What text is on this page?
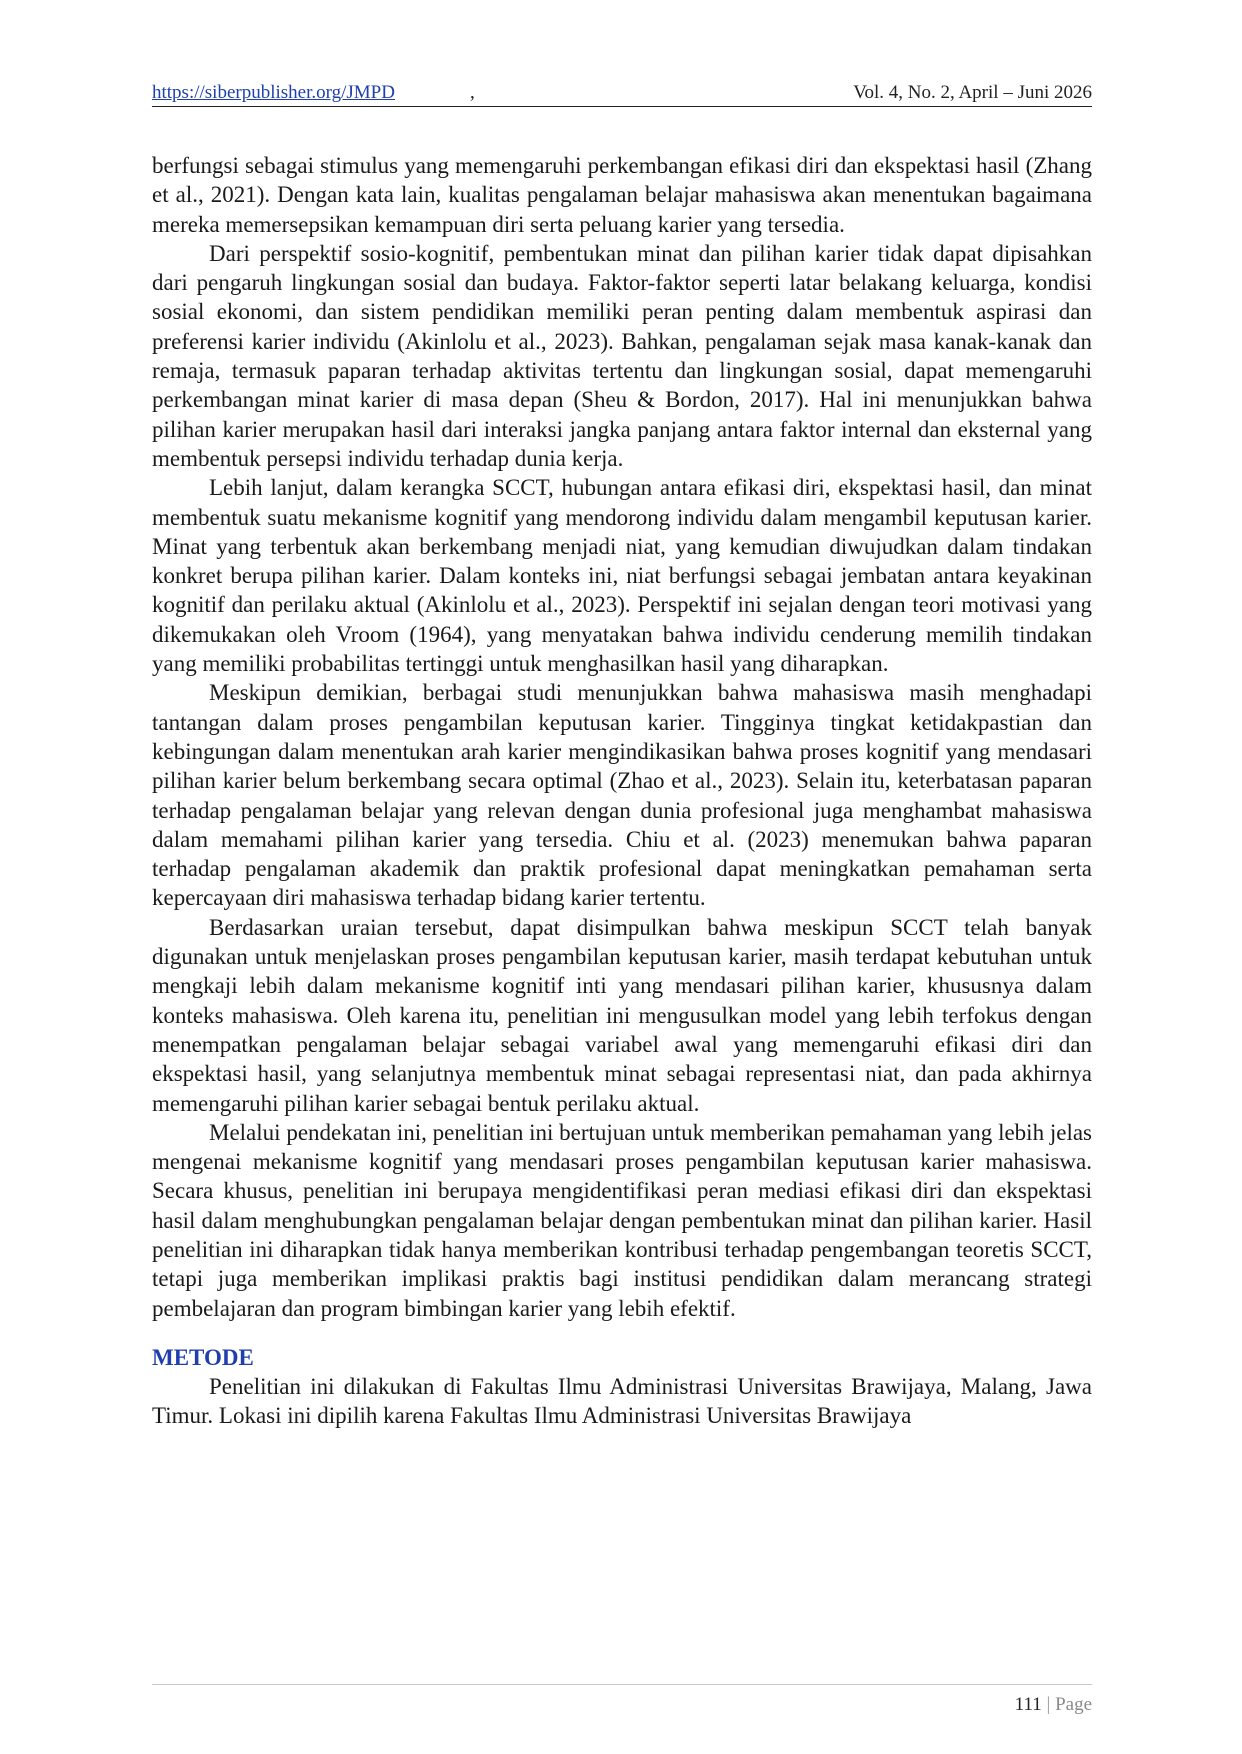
https://siberpublisher.org/JMPD	,	Vol. 4, No. 2, April – Juni 2026

berfungsi sebagai stimulus yang memengaruhi perkembangan efikasi diri dan ekspektasi hasil (Zhang et al., 2021). Dengan kata lain, kualitas pengalaman belajar mahasiswa akan menentukan bagaimana mereka memersepsikan kemampuan diri serta peluang karier yang tersedia.

Dari perspektif sosio-kognitif, pembentukan minat dan pilihan karier tidak dapat dipisahkan dari pengaruh lingkungan sosial dan budaya. Faktor-faktor seperti latar belakang keluarga, kondisi sosial ekonomi, dan sistem pendidikan memiliki peran penting dalam membentuk aspirasi dan preferensi karier individu (Akinlolu et al., 2023). Bahkan, pengalaman sejak masa kanak-kanak dan remaja, termasuk paparan terhadap aktivitas tertentu dan lingkungan sosial, dapat memengaruhi perkembangan minat karier di masa depan (Sheu & Bordon, 2017). Hal ini menunjukkan bahwa pilihan karier merupakan hasil dari interaksi jangka panjang antara faktor internal dan eksternal yang membentuk persepsi individu terhadap dunia kerja.

Lebih lanjut, dalam kerangka SCCT, hubungan antara efikasi diri, ekspektasi hasil, dan minat membentuk suatu mekanisme kognitif yang mendorong individu dalam mengambil keputusan karier. Minat yang terbentuk akan berkembang menjadi niat, yang kemudian diwujudkan dalam tindakan konkret berupa pilihan karier. Dalam konteks ini, niat berfungsi sebagai jembatan antara keyakinan kognitif dan perilaku aktual (Akinlolu et al., 2023). Perspektif ini sejalan dengan teori motivasi yang dikemukakan oleh Vroom (1964), yang menyatakan bahwa individu cenderung memilih tindakan yang memiliki probabilitas tertinggi untuk menghasilkan hasil yang diharapkan.

Meskipun demikian, berbagai studi menunjukkan bahwa mahasiswa masih menghadapi tantangan dalam proses pengambilan keputusan karier. Tingginya tingkat ketidakpastian dan kebingungan dalam menentukan arah karier mengindikasikan bahwa proses kognitif yang mendasari pilihan karier belum berkembang secara optimal (Zhao et al., 2023). Selain itu, keterbatasan paparan terhadap pengalaman belajar yang relevan dengan dunia profesional juga menghambat mahasiswa dalam memahami pilihan karier yang tersedia. Chiu et al. (2023) menemukan bahwa paparan terhadap pengalaman akademik dan praktik profesional dapat meningkatkan pemahaman serta kepercayaan diri mahasiswa terhadap bidang karier tertentu.

Berdasarkan uraian tersebut, dapat disimpulkan bahwa meskipun SCCT telah banyak digunakan untuk menjelaskan proses pengambilan keputusan karier, masih terdapat kebutuhan untuk mengkaji lebih dalam mekanisme kognitif inti yang mendasari pilihan karier, khususnya dalam konteks mahasiswa. Oleh karena itu, penelitian ini mengusulkan model yang lebih terfokus dengan menempatkan pengalaman belajar sebagai variabel awal yang memengaruhi efikasi diri dan ekspektasi hasil, yang selanjutnya membentuk minat sebagai representasi niat, dan pada akhirnya memengaruhi pilihan karier sebagai bentuk perilaku aktual.

Melalui pendekatan ini, penelitian ini bertujuan untuk memberikan pemahaman yang lebih jelas mengenai mekanisme kognitif yang mendasari proses pengambilan keputusan karier mahasiswa. Secara khusus, penelitian ini berupaya mengidentifikasi peran mediasi efikasi diri dan ekspektasi hasil dalam menghubungkan pengalaman belajar dengan pembentukan minat dan pilihan karier. Hasil penelitian ini diharapkan tidak hanya memberikan kontribusi terhadap pengembangan teoretis SCCT, tetapi juga memberikan implikasi praktis bagi institusi pendidikan dalam merancang strategi pembelajaran dan program bimbingan karier yang lebih efektif.

METODE

Penelitian ini dilakukan di Fakultas Ilmu Administrasi Universitas Brawijaya, Malang, Jawa Timur. Lokasi ini dipilih karena Fakultas Ilmu Administrasi Universitas Brawijaya

111 | Page
